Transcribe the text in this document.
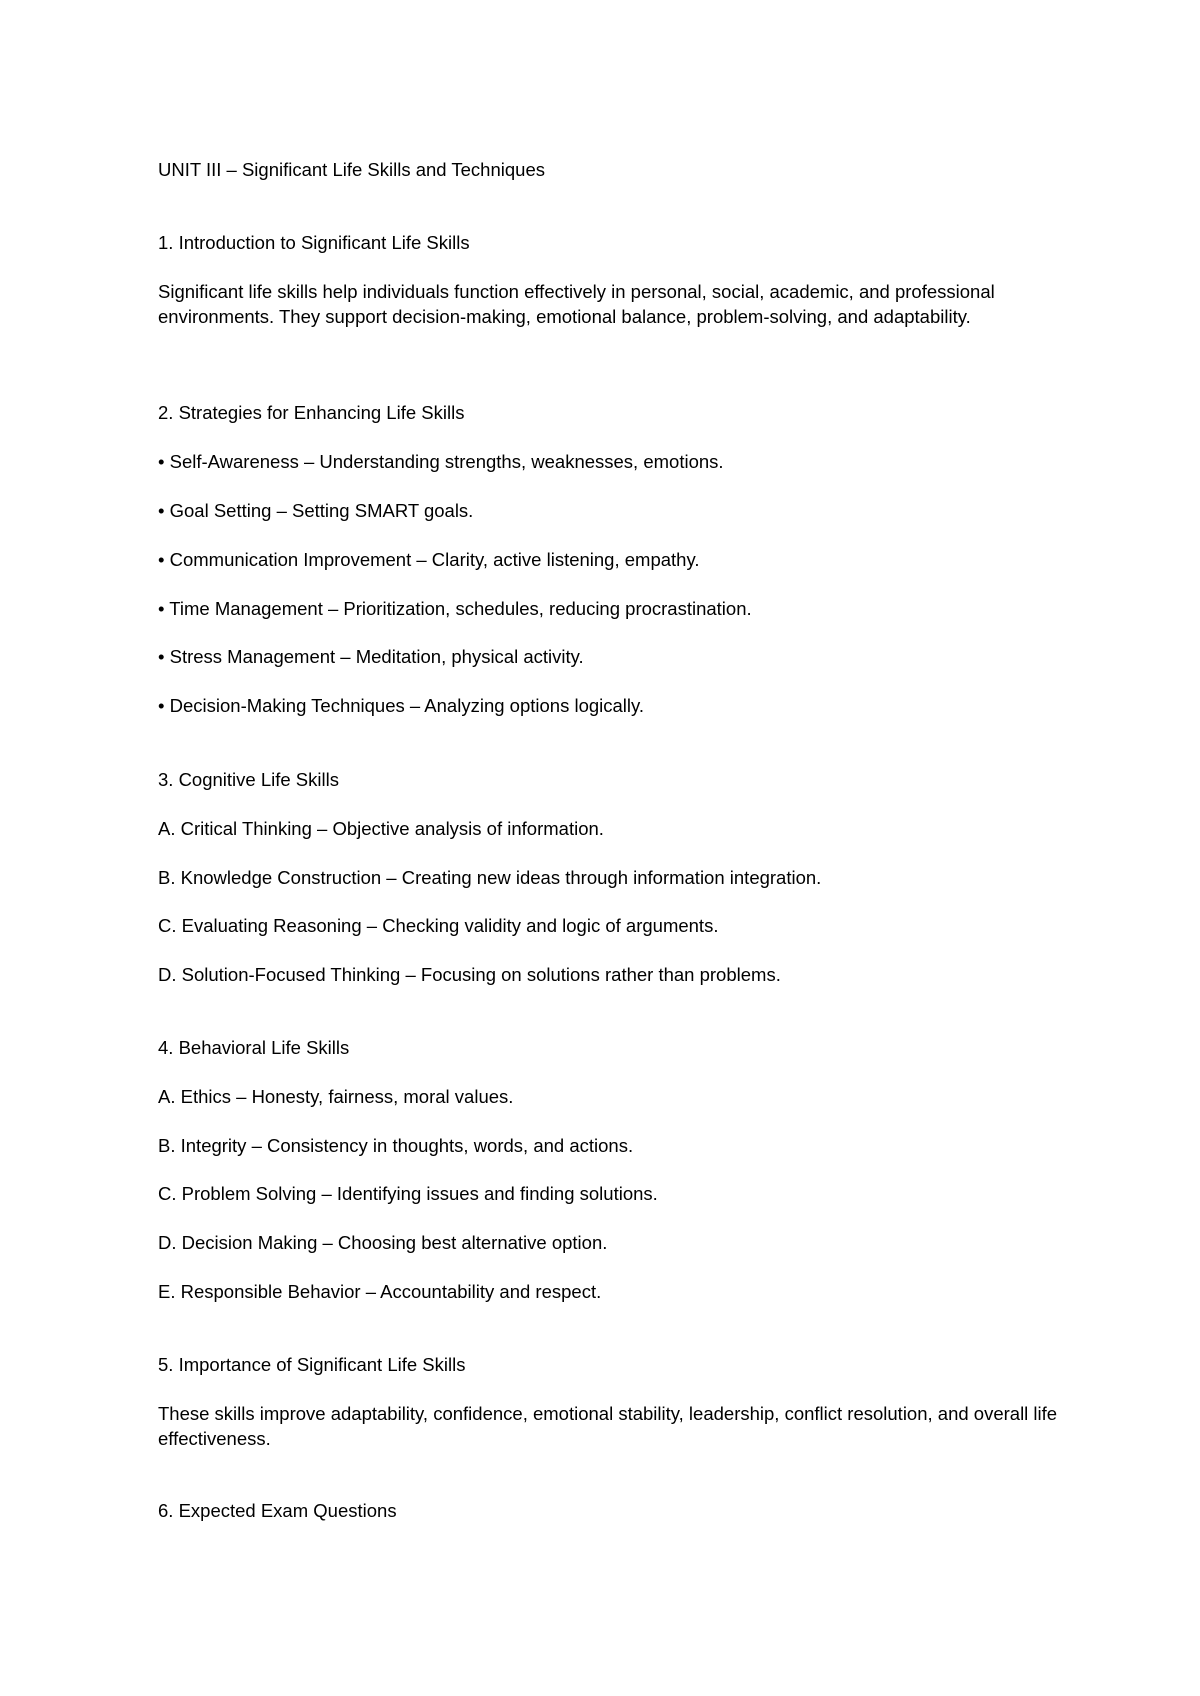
UNIT III – Significant Life Skills and Techniques

1. Introduction to Significant Life Skills

Significant life skills help individuals function effectively in personal, social, academic, and professional environments. They support decision-making, emotional balance, problem-solving, and adaptability.

2. Strategies for Enhancing Life Skills

• Self-Awareness – Understanding strengths, weaknesses, emotions.

• Goal Setting – Setting SMART goals.

• Communication Improvement – Clarity, active listening, empathy.

• Time Management – Prioritization, schedules, reducing procrastination.

• Stress Management – Meditation, physical activity.

• Decision-Making Techniques – Analyzing options logically.

3. Cognitive Life Skills

A. Critical Thinking – Objective analysis of information.

B. Knowledge Construction – Creating new ideas through information integration.

C. Evaluating Reasoning – Checking validity and logic of arguments.

D. Solution-Focused Thinking – Focusing on solutions rather than problems.

4. Behavioral Life Skills

A. Ethics – Honesty, fairness, moral values.

B. Integrity – Consistency in thoughts, words, and actions.

C. Problem Solving – Identifying issues and finding solutions.

D. Decision Making – Choosing best alternative option.

E. Responsible Behavior – Accountability and respect.

5. Importance of Significant Life Skills

These skills improve adaptability, confidence, emotional stability, leadership, conflict resolution, and overall life effectiveness.

6. Expected Exam Questions
